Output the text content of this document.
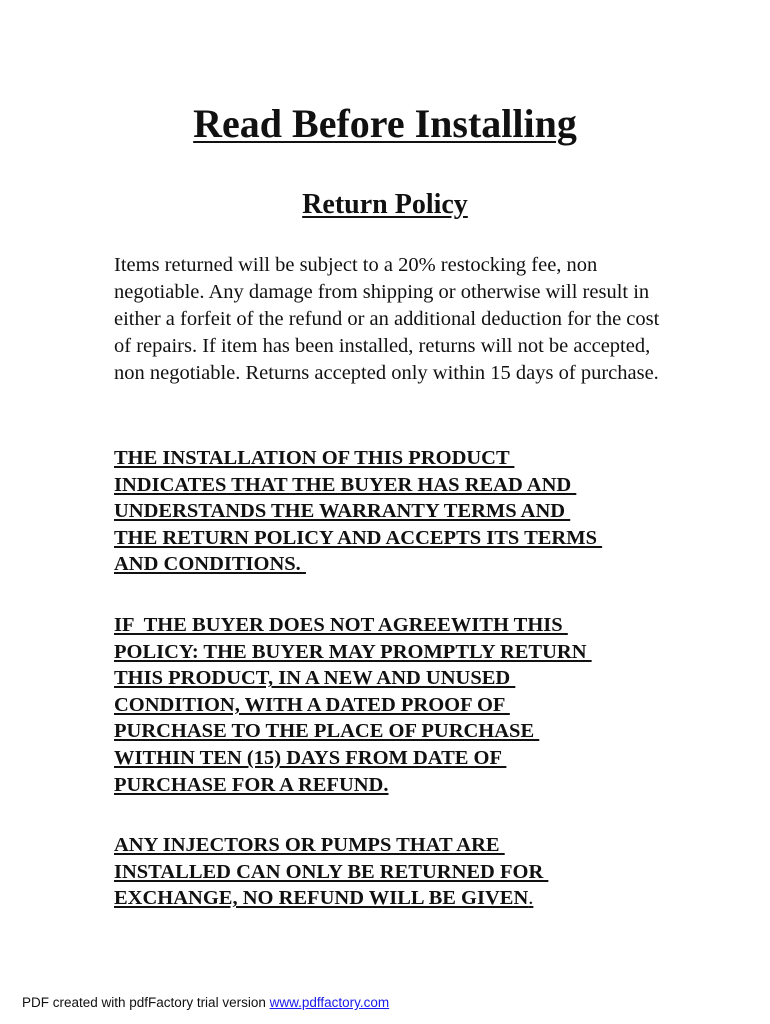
Read Before Installing
Return Policy

Items returned will be subject to a 20% restocking fee, non negotiable. Any damage from shipping or otherwise will result in either a forfeit of the refund or an additional deduction for the cost of repairs. If item has been installed, returns will not be accepted, non negotiable. Returns accepted only within 15 days of purchase.

THE INSTALLATION OF THIS PRODUCT
INDICATES THAT THE BUYER HAS READ AND
UNDERSTANDS THE WARRANTY TERMS AND
THE RETURN POLICY AND ACCEPTS ITS TERMS
AND CONDITIONS.
IF  THE BUYER DOES NOT AGREEWITH THIS
POLICY: THE BUYER MAY PROMPTLY RETURN
THIS PRODUCT, IN A NEW AND UNUSED
CONDITION, WITH A DATED PROOF OF
PURCHASE TO THE PLACE OF PURCHASE
WITHIN TEN (15) DAYS FROM DATE OF
PURCHASE FOR A REFUND.
ANY INJECTORS OR PUMPS THAT ARE
INSTALLED CAN ONLY BE RETURNED FOR
EXCHANGE, NO REFUND WILL BE GIVEN.

PDF created with pdfFactory trial version www.pdffactory.com
